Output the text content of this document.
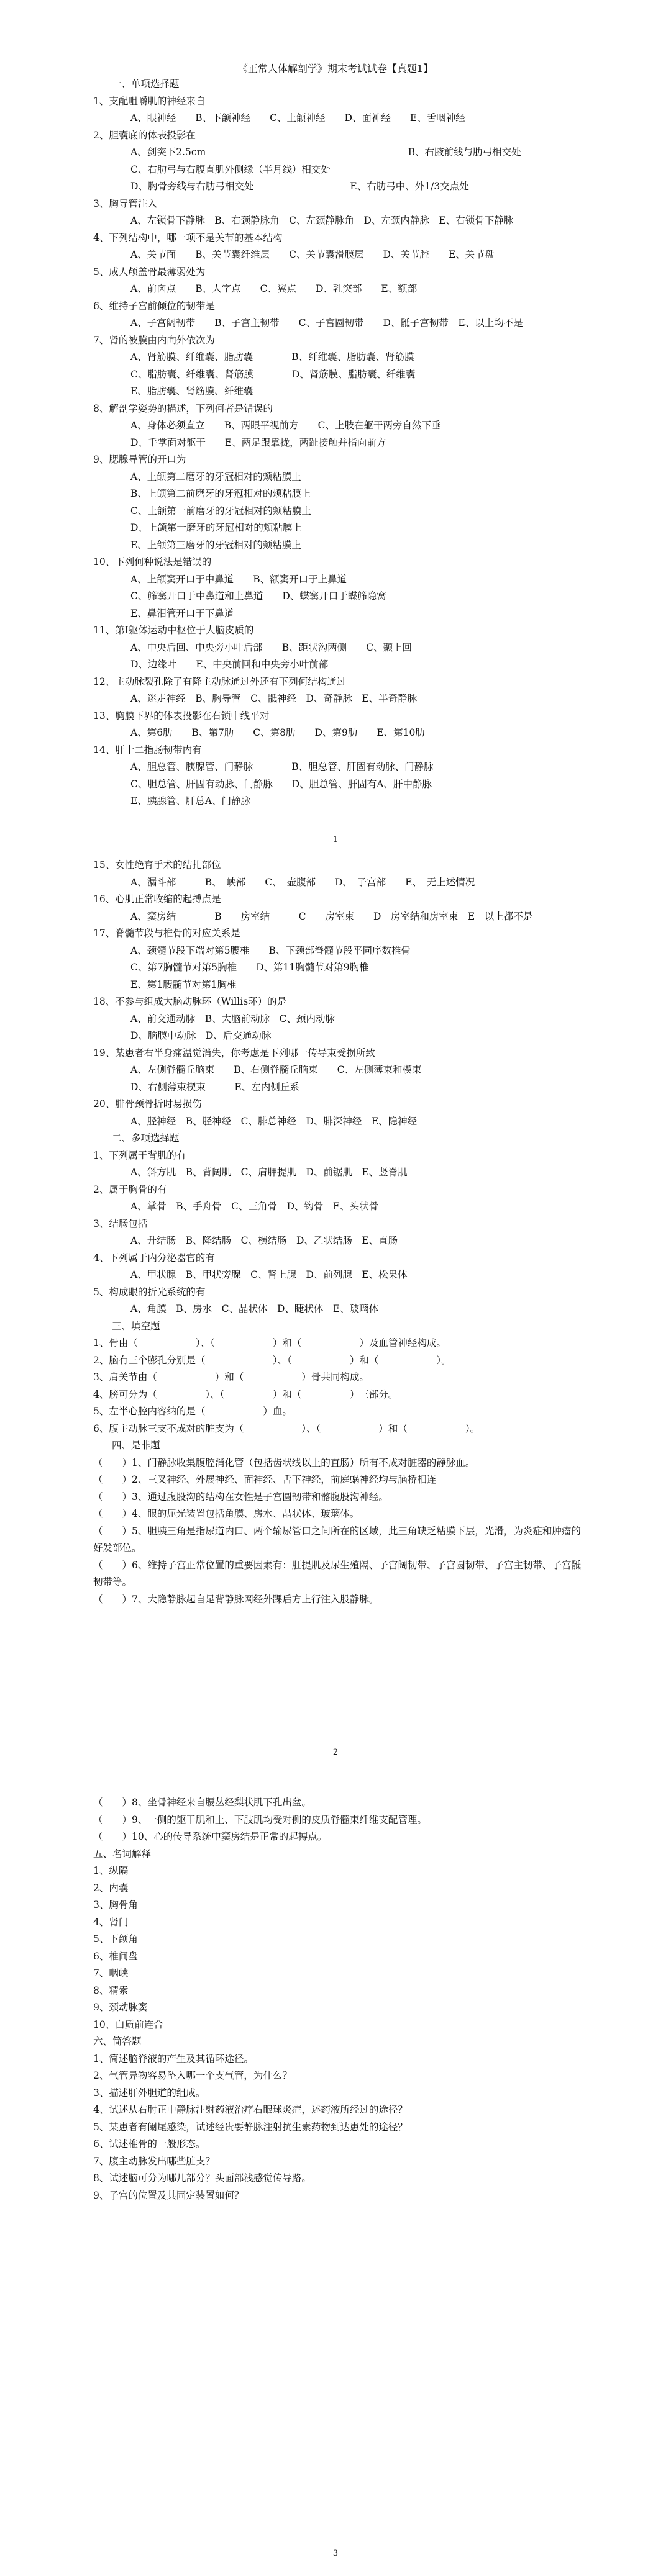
《正常人体解剖学》期末考试试卷【真题1】
一、单项选择题
1、支配咀嚼肌的神经来自
A、眼神经　　B、下颌神经　　C、上颌神经　　D、面神经　　E、舌咽神经
2、胆囊底的体表投影在
A、剑突下2.5cm　　　　　　　　　　　　　　　　　　　　　B、右腋前线与肋弓相交处
C、右肋弓与右腹直肌外侧缘（半月线）相交处
D、胸骨旁线与右肋弓相交处　　　　　　　　　　E、右肋弓中、外1/3交点处
3、胸导管注入
A、左锁骨下静脉　B、右颈静脉角　C、左颈静脉角　D、左颈内静脉　E、右锁骨下静脉
4、下列结构中，哪一项不是关节的基本结构
A、关节面　　B、关节囊纤维层　　C、关节囊滑膜层　　D、关节腔　　E、关节盘
5、成人颅盖骨最薄弱处为
A、前囟点　　B、人字点　　C、翼点　　D、乳突部　　E、额部
6、维持子宫前倾位的韧带是
A、子宫阔韧带　　B、子宫主韧带　　C、子宫圆韧带　　D、骶子宫韧带　E、以上均不是
7、肾的被膜由内向外依次为
A、肾筋膜、纤维囊、脂肪囊　　　　B、纤维囊、脂肪囊、肾筋膜
C、脂肪囊、纤维囊、肾筋膜　　　　D、肾筋膜、脂肪囊、纤维囊
E、脂肪囊、肾筋膜、纤维囊
8、解剖学姿势的描述，下列何者是错误的
A、身体必须直立　　B、两眼平视前方　　C、上肢在躯干两旁自然下垂
D、手掌面对躯干　　E、两足跟靠拢，两趾接触并指向前方
9、腮腺导管的开口为
A、上颌第二磨牙的牙冠相对的颊粘膜上
B、上颌第二前磨牙的牙冠相对的颊粘膜上
C、上颌第一前磨牙的牙冠相对的颊粘膜上
D、上颌第一磨牙的牙冠相对的颊粘膜上
E、上颌第三磨牙的牙冠相对的颊粘膜上
10、下列何种说法是错误的
A、上颌窦开口于中鼻道　　B、额窦开口于上鼻道
C、筛窦开口于中鼻道和上鼻道　　D、蝶窦开口于蝶筛隐窝
E、鼻泪管开口于下鼻道
11、第Ⅰ躯体运动中枢位于大脑皮质的
A、中央后回、中央旁小叶后部　　B、距状沟两侧　　C、颞上回
D、边缘叶　　E、中央前回和中央旁小叶前部
12、主动脉裂孔除了有降主动脉通过外还有下列何结构通过
A、迷走神经　B、胸导管　C、骶神经　D、奇静脉　E、半奇静脉
13、胸膜下界的体表投影在右锁中线平对
A、第6肋　　B、第7肋　　C、第8肋　　D、第9肋　　E、第10肋
14、肝十二指肠韧带内有
A、胆总管、胰腺管、门静脉　　　　B、胆总管、肝固有动脉、门静脉
C、胆总管、肝固有动脉、门静脉　　D、胆总管、肝固有A、肝中静脉
E、胰腺管、肝总A、门静脉
1
15、女性绝育手术的结扎部位
A、漏斗部　　　B、　峡部　　C、　壶腹部　　D、　子宫部　　E、　无上述情况
16、心肌正常收缩的起搏点是
A、窦房结　　　　B　　房室结　　　C　　房室束　　D　房室结和房室束　E　以上都不是
17、脊髓节段与椎骨的对应关系是
A、颈髓节段下端对第5腰椎　　B、下颈部脊髓节段平同序数椎骨
C、第7胸髓节对第5胸椎　　D、第11胸髓节对第9胸椎
E、第1腰髓节对第1胸椎
18、不参与组成大脑动脉环（Willis环）的是
A、前交通动脉　B、大脑前动脉　C、颈内动脉
D、脑膜中动脉　D、后交通动脉
19、某患者右半身痛温觉消失，你考虑是下列哪一传导束受损所致
A、左侧脊髓丘脑束　　B、右侧脊髓丘脑束　　C、左侧薄束和楔束
D、右侧薄束楔束　　　E、左内侧丘系
20、腓骨颈骨折时易损伤
A、胫神经　B、胫神经　C、腓总神经　D、腓深神经　E、隐神经
二、多项选择题
1、下列属于背肌的有
A、斜方肌　B、背阔肌　C、肩胛提肌　D、前锯肌　E、竖脊肌
2、属于胸骨的有
A、掌骨　B、手舟骨　C、三角骨　D、钩骨　E、头状骨
3、结肠包括
A、升结肠　B、降结肠　C、横结肠　D、乙状结肠　E、直肠
4、下列属于内分泌器官的有
A、甲状腺　B、甲状旁腺　C、肾上腺　D、前列腺　E、松果体
5、构成眼的折光系统的有
A、角膜　B、房水　C、晶状体　D、睫状体　E、玻璃体
三、填空题
1、骨由（　　　　　　）、（　　　　　　）和（　　　　　　）及血管神经构成。
2、脑有三个膨孔分别是（　　　　　　　）、（　　　　　　）和（　　　　　　）。
3、肩关节由（　　　　　　）和（　　　　　　）骨共同构成。
4、膀可分为（　　　　　）、（　　　　　）和（　　　　　）三部分。
5、左半心腔内容纳的是（　　　　　　）血。
6、腹主动脉三支不成对的脏支为（　　　　　　）、（　　　　　　）和（　　　　　　）。
四、是非题
（　　）1、门静脉收集腹腔消化管（包括齿状线以上的直肠）所有不成对脏器的静脉血。
（　　）2、三叉神经、外展神经、面神经、舌下神经，前庭蜗神经均与脑桥相连
（　　）3、通过腹股沟的结构在女性是子宫圆韧带和髂腹股沟神经。
（　　）4、眼的屈光装置包括角膜、房水、晶状体、玻璃体。
（　　）5、胆胰三角是指尿道内口、两个输尿管口之间所在的区域，此三角缺乏粘膜下层，光滑，为炎症和肿瘤的好发部位。
（　　）6、维持子宫正常位置的重要因素有：肛提肌及尿生殖隔、子宫阔韧带、子宫圆韧带、子宫主韧带、子宫骶韧带等。
（　　）7、大隐静脉起自足背静脉网经外踝后方上行注入股静脉。
2
（　　）8、坐骨神经来自腰丛经梨状肌下孔出盆。
（　　）9、一侧的躯干肌和上、下肢肌均受对侧的皮质脊髓束纤维支配管理。
（　　）10、心的传导系统中窦房结是正常的起搏点。
五、名词解释
1、纵隔
2、内囊
3、胸骨角
4、肾门
5、下颌角
6、椎间盘
7、咽峡
8、精索
9、颈动脉窦
10、白质前连合
六、简答题
1、简述脑脊液的产生及其循环途径。
2、气管异物容易坠入哪一个支气管，为什么？
3、描述肝外胆道的组成。
4、试述从右肘正中静脉注射药液治疗右眼球炎症，述药液所经过的途径？
5、某患者有阑尾感染，试述经贵要静脉注射抗生素药物到达患处的途径？
6、试述椎骨的一般形态。
7、腹主动脉发出哪些脏支？
8、试述脑可分为哪几部分？头面部浅感觉传导路。
9、子宫的位置及其固定装置如何？
3
